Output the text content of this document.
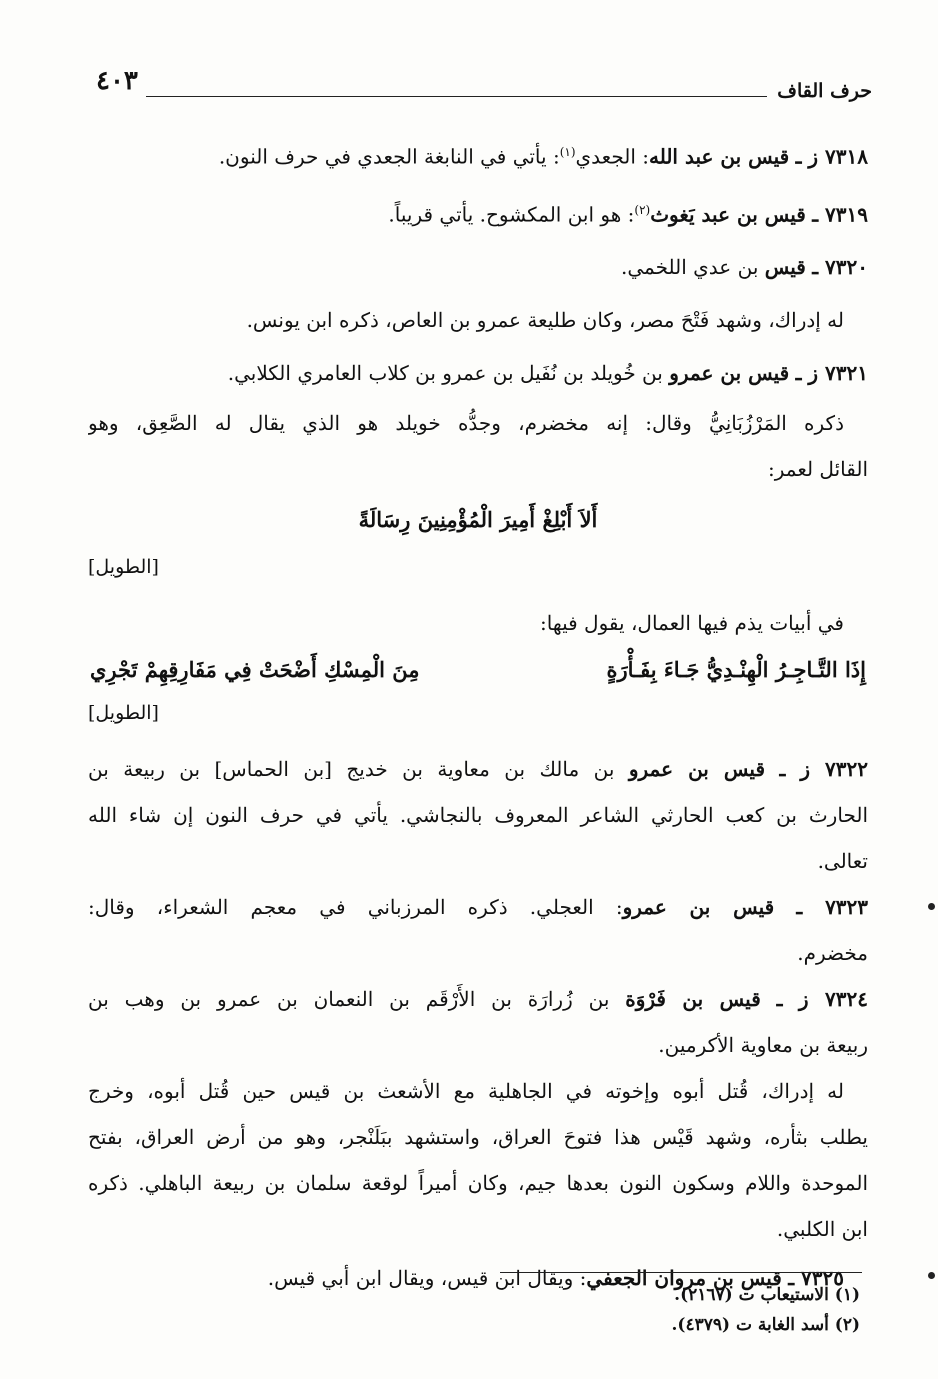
حرف القاف
٤٠٣
٧٣١٨ ز ـ قيس بن عبد الله: الجعدي$^{(١)}$: يأتي في النابغة الجعدي في حرف النون.
٧٣١٩ ـ قيس بن عبد يَغوث$^{(٢)}$: هو ابن المكشوح. يأتي قريباً.
٧٣٢٠ ـ قيس بن عدي اللخمي.
له إدراك، وشهد فَتْحَ مصر، وكان طليعة عمرو بن العاص، ذكره ابن يونس.
٧٣٢١ ز ـ قيس بن عمرو بن خُويلد بن نُفَيل بن عمرو بن كلاب العامري الكلابي.
ذكره المَرْزُبَانِيُّ وقال: إنه مخضرم، وجدُّه خويلد هو الذي يقال له الصَّعِق، وهو
القائل لعمر:
أَلاَ أَبْلِغْ أَمِيرَ الْمُؤْمِنِينَ رِسَالَةً
[الطويل]
في أبيات يذم فيها العمال، يقول فيها:
إِذَا التَّـاجِـرُ الْهِنْـدِيُّ جَـاءَ بِفَـأْرَةٍ
مِنَ الْمِسْكِ أَضْحَتْ فِي مَفَارِقِهِمْ تَجْرِي
[الطويل]
٧٣٢٢ ز ـ قيس بن عمرو بن مالك بن معاوية بن خديج [بن الحماس] بن ربيعة بن
الحارث بن كعب الحارثي الشاعر المعروف بالنجاشي. يأتي في حرف النون إن شاء الله
تعالى.
٧٣٢٣ ـ قيس بن عمرو: العجلي. ذكره المرزباني في معجم الشعراء، وقال:
مخضرم.
٧٣٢٤ ز ـ قيس بن فَرْوَة بن زُرارَة بن الأَرْقَم بن النعمان بن عمرو بن وهب بن
ربيعة بن معاوية الأكرمين.
له إدراك، قُتل أبوه وإخوته في الجاهلية مع الأشعث بن قيس حين قُتل أبوه، وخرج
يطلب بثأره، وشهد قَيْس هذا فتوحَ العراق، واستشهد ببَلَنْجر، وهو من أرض العراق، بفتح
الموحدة واللام وسكون النون بعدها جيم، وكان أميراً لوقعة سلمان بن ربيعة الباهلي. ذكره
ابن الكلبي.
٧٣٢٥ ـ قيس بن مروان الجعفي: ويقال ابن قيس، ويقال ابن أبي قيس.
(١) الاستيعاب ت (٢١٦٧).
(٢) أسد الغابة ت (٤٣٧٩).
